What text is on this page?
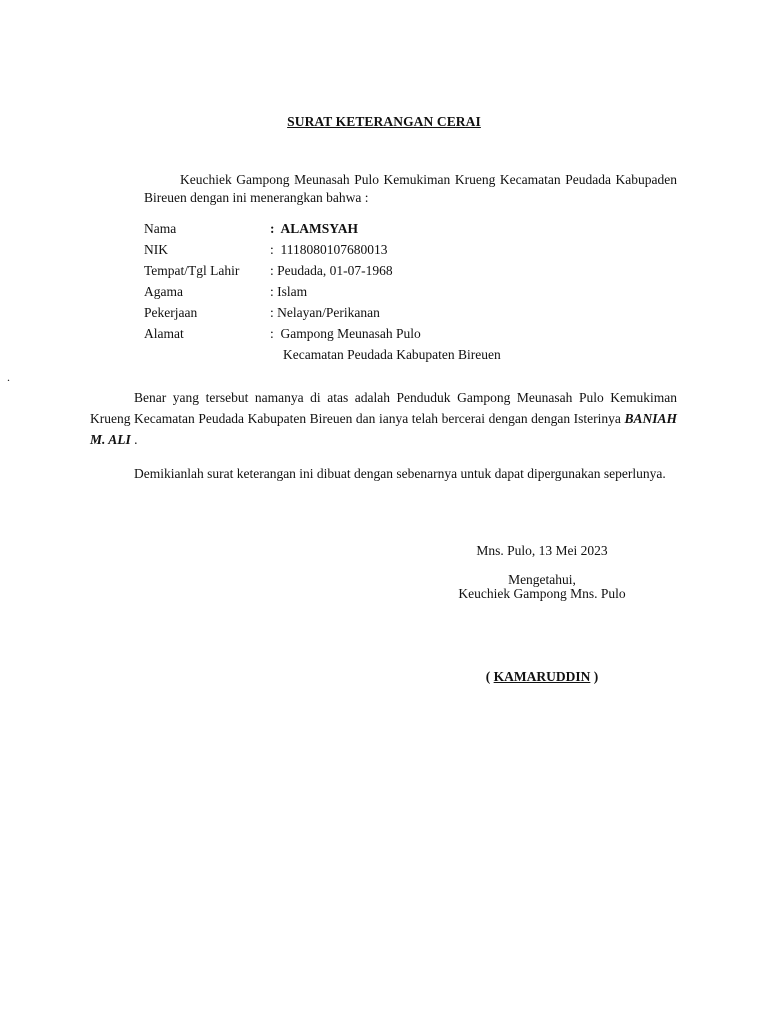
SURAT KETERANGAN CERAI
Keuchiek Gampong Meunasah Pulo Kemukiman Krueng Kecamatan Peudada Kabupaden Bireuen dengan ini menerangkan bahwa :
Nama	:  ALAMSYAH
NIK	:  1118080107680013
Tempat/Tgl Lahir : Peudada, 01-07-1968
Agama	: Islam
Pekerjaan	: Nelayan/Perikanan
Alamat	:  Gampong Meunasah Pulo
Kecamatan Peudada Kabupaten Bireuen
.
Benar yang tersebut namanya di atas adalah Penduduk Gampong Meunasah Pulo Kemukiman Krueng Kecamatan Peudada Kabupaten Bireuen dan ianya telah bercerai dengan dengan Isterinya BANIAH M. ALI .
Demikianlah surat keterangan ini dibuat dengan sebenarnya untuk dapat dipergunakan seperlunya.
Mns. Pulo, 13 Mei 2023
Mengetahui,
Keuchiek Gampong Mns. Pulo
( KAMARUDDIN )
